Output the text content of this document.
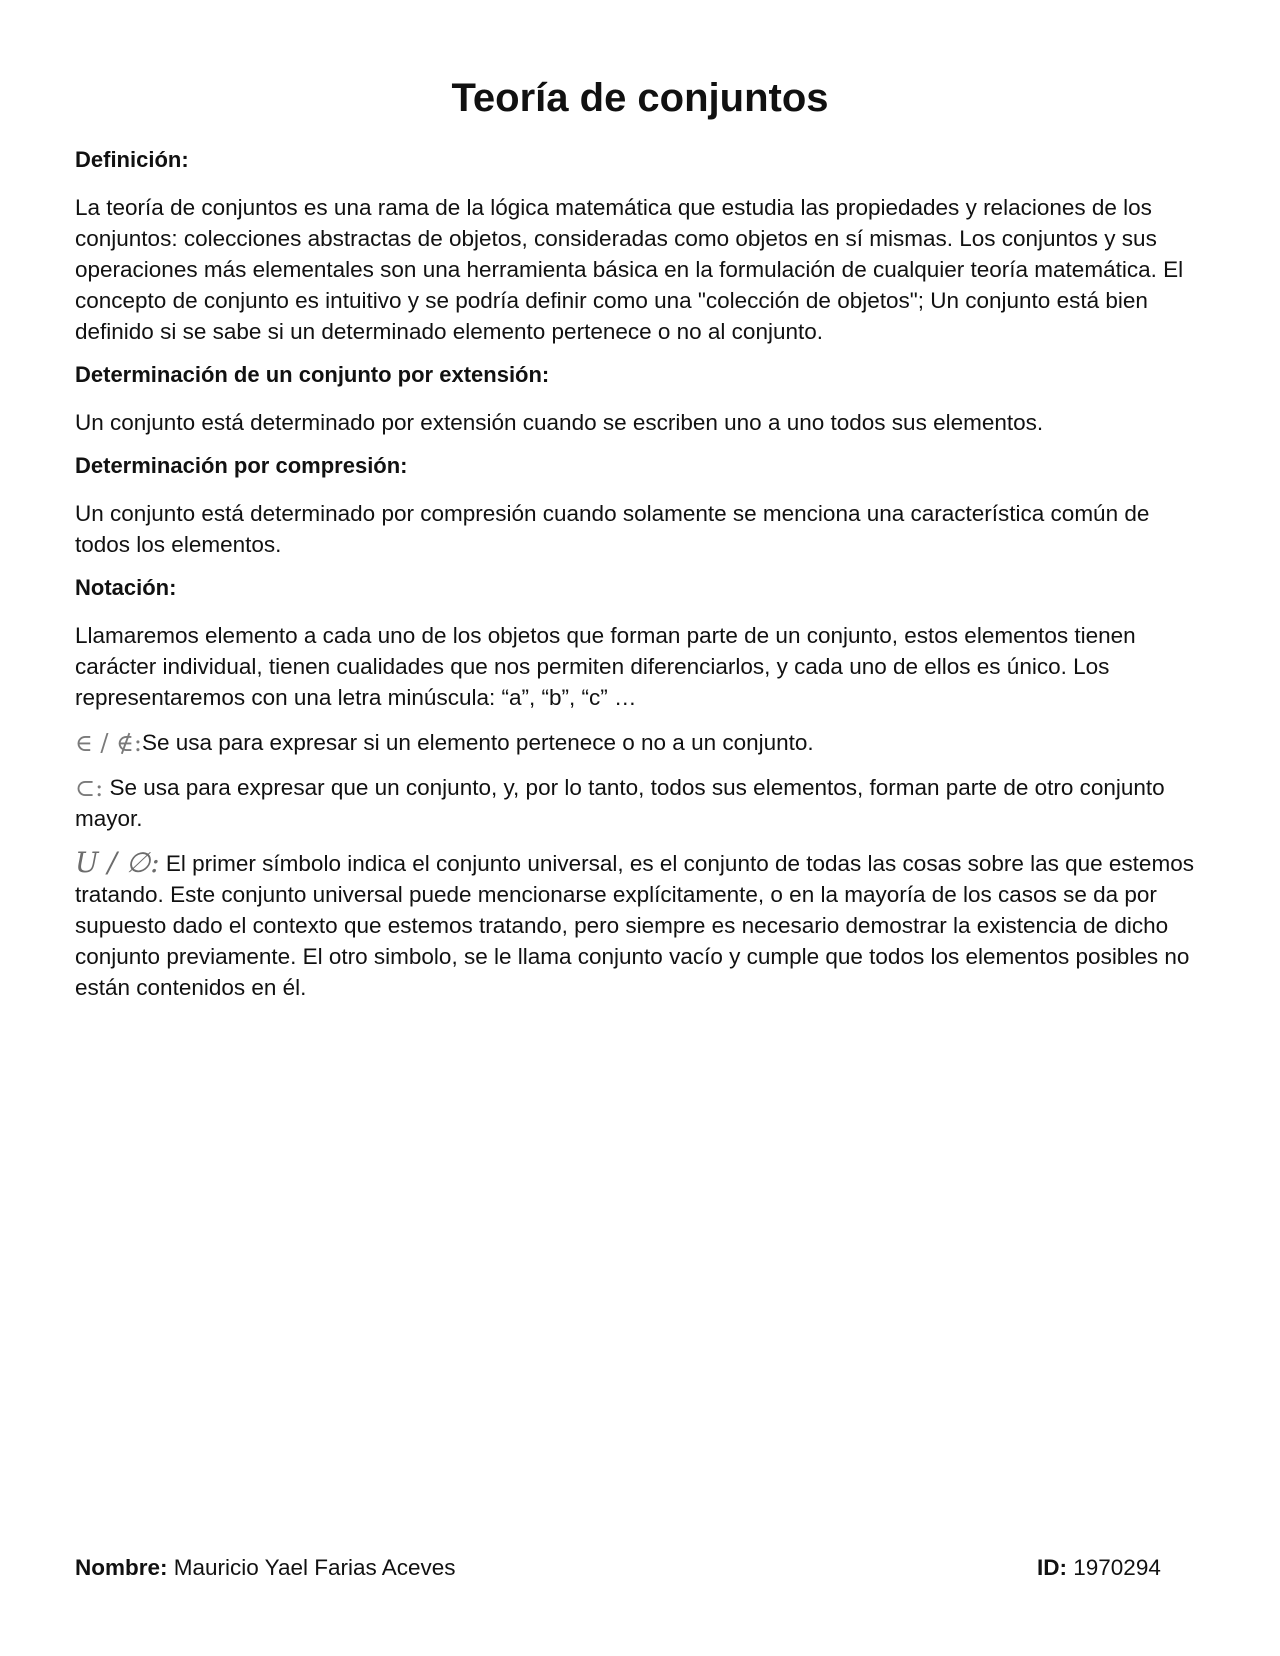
Teoría de conjuntos

Definición:

La teoría de conjuntos es una rama de la lógica matemática que estudia las propiedades y relaciones de los conjuntos: colecciones abstractas de objetos, consideradas como objetos en sí mismas. Los conjuntos y sus operaciones más elementales son una herramienta básica en la formulación de cualquier teoría matemática. El concepto de conjunto es intuitivo y se podría definir como una "colección de objetos"; Un conjunto está bien definido si se sabe si un determinado elemento pertenece o no al conjunto.

Determinación de un conjunto por extensión:

Un conjunto está determinado por extensión cuando se escriben uno a uno todos sus elementos.

Determinación por compresión:

Un conjunto está determinado por compresión cuando solamente se menciona una característica común de todos los elementos.

Notación:

Llamaremos elemento a cada uno de los objetos que forman parte de un conjunto, estos elementos tienen carácter individual, tienen cualidades que nos permiten diferenciarlos, y cada uno de ellos es único. Los representaremos con una letra minúscula: “a”, “b”, “c” …

∈ / ∉:Se usa para expresar si un elemento pertenece o no a un conjunto.

⊂: Se usa para expresar que un conjunto, y, por lo tanto, todos sus elementos, forman parte de otro conjunto mayor.

U / ∅: El primer símbolo indica el conjunto universal, es el conjunto de todas las cosas sobre las que estemos tratando. Este conjunto universal puede mencionarse explícitamente, o en la mayoría de los casos se da por supuesto dado el contexto que estemos tratando, pero siempre es necesario demostrar la existencia de dicho conjunto previamente. El otro simbolo, se le llama conjunto vacío y cumple que todos los elementos posibles no están contenidos en él.

Nombre: Mauricio Yael Farias Aceves	ID: 1970294
